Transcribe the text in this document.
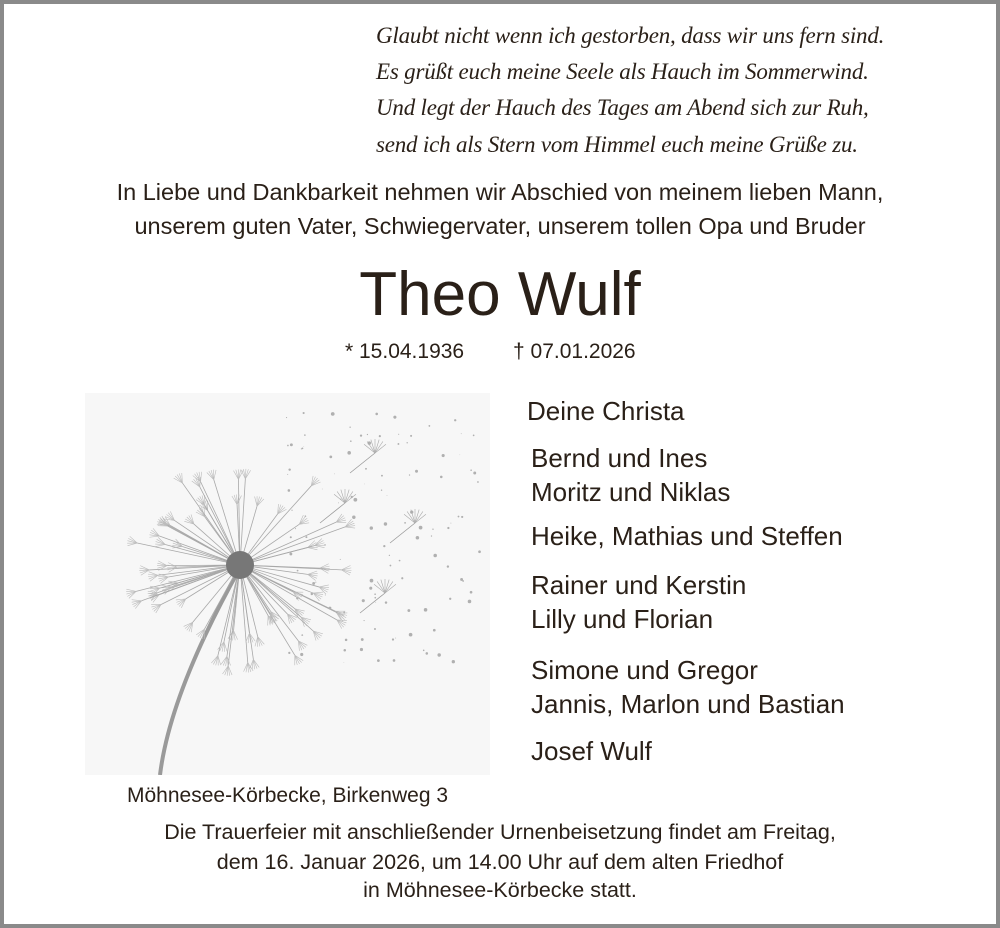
Glaubt nicht wenn ich gestorben, dass wir uns fern sind.
Es grüßt euch meine Seele als Hauch im Sommerwind.
Und legt der Hauch des Tages am Abend sich zur Ruh,
send ich als Stern vom Himmel euch meine Grüße zu.
In Liebe und Dankbarkeit nehmen wir Abschied von meinem lieben Mann,
unserem guten Vater, Schwiegervater, unserem tollen Opa und Bruder
Theo Wulf
* 15.04.1936 † 07.01.2026
Deine Christa
Bernd und Ines
Moritz und Niklas
Heike, Mathias und Steffen
Rainer und Kerstin
Lilly und Florian
Simone und Gregor
Jannis, Marlon und Bastian
Josef Wulf
Möhnesee-Körbecke, Birkenweg 3
Die Trauerfeier mit anschließender Urnenbeisetzung findet am Freitag,
dem 16. Januar 2026, um 14.00 Uhr auf dem alten Friedhof
in Möhnesee-Körbecke statt.
